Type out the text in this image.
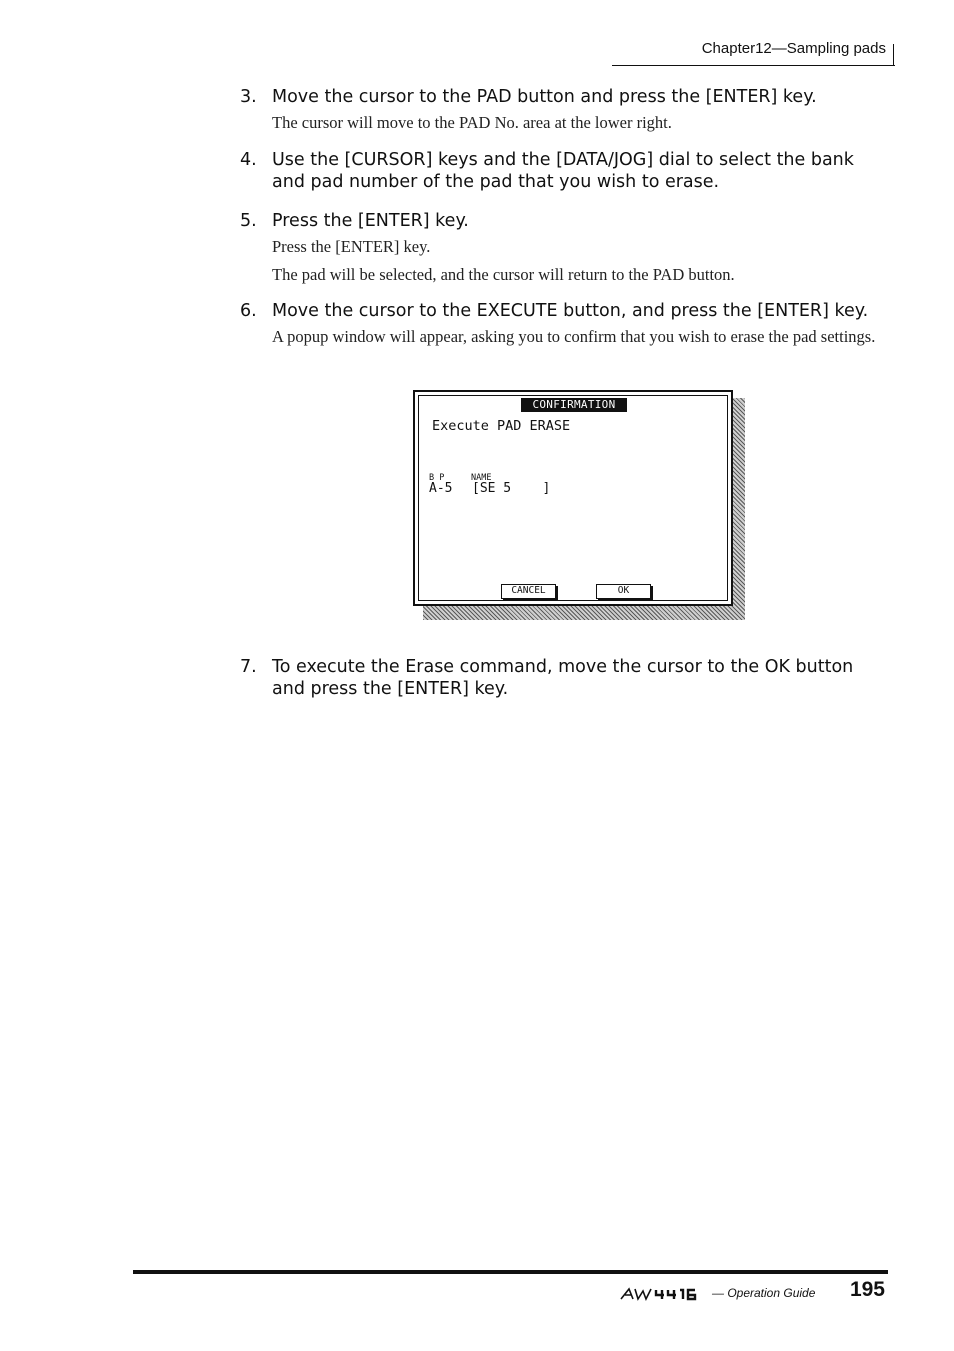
Chapter12—Sampling pads
3. Move the cursor to the PAD button and press the [ENTER] key.
The cursor will move to the PAD No. area at the lower right.
4. Use the [CURSOR] keys and the [DATA/JOG] dial to select the bank and pad number of the pad that you wish to erase.
5. Press the [ENTER] key.
Press the [ENTER] key.
The pad will be selected, and the cursor will return to the PAD button.
6. Move the cursor to the EXECUTE button, and press the [ENTER] key.
A popup window will appear, asking you to confirm that you wish to erase the pad settings.
CONFIRMATION
Execute PAD ERASE
B P	NAME
A-5 [SE 5    ]
CANCEL	OK
7. To execute the Erase command, move the cursor to the OK button and press the [ENTER] key.
— Operation Guide 195
